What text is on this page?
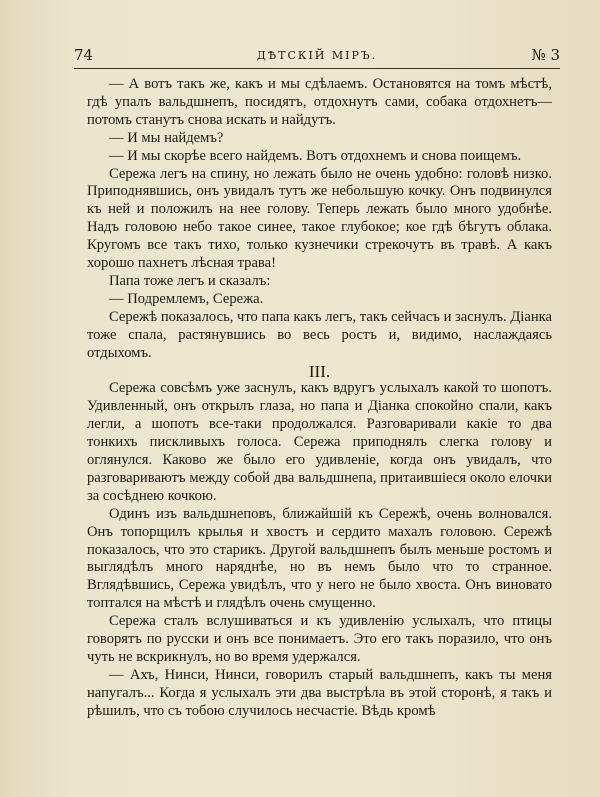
74	ДѢТСКІЙ МІРЪ.	№ 3

— А вотъ такъ же, какъ и мы сдѣлаемъ. Остановятся на томъ мѣстѣ, гдѣ упалъ вальдшнепъ, посидятъ, отдохнутъ сами, собака отдохнетъ—потомъ станутъ снова искать и найдутъ.

— И мы найдемъ?

— И мы скорѣе всего найдемъ. Вотъ отдохнемъ и снова поищемъ.

Сережа легъ на спину, но лежать было не очень удобно: головѣ низко. Приподнявшись, онъ увидалъ тутъ же небольшую кочку. Онъ подвинулся къ ней и положилъ на нее голову. Теперь лежать было много удобнѣе. Надъ головою небо такое синее, такое глубокое; кое гдѣ бѣгутъ облака. Кругомъ все такъ тихо, только кузнечики стрекочутъ въ травѣ. А какъ хорошо пахнетъ лѣсная трава!

Папа тоже легъ и сказалъ:

— Подремлемъ, Сережа.

Сережѣ показалось, что папа какъ легъ, такъ сейчасъ и заснулъ. Діанка тоже спала, растянувшись во весь ростъ и, видимо, наслаждаясь отдыхомъ.

III.

Сережа совсѣмъ уже заснулъ, какъ вдругъ услыхалъ какой то шопотъ. Удивленный, онъ открылъ глаза, но папа и Діанка спокойно спали, какъ легли, а шопотъ все-таки продолжался. Разговаривали какіе то два тонкихъ пискливыхъ голоса. Сережа приподнялъ слегка голову и оглянулся. Каково же было его удивленіе, когда онъ увидалъ, что разговариваютъ между собой два вальдшнепа, притаившіеся около елочки за сосѣднею кочкою.

Одинъ изъ вальдшнеповъ, ближайшій къ Сережѣ, очень волновался. Онъ топорщилъ крылья и хвостъ и сердито махалъ головою. Сережѣ показалось, что это старикъ. Другой вальдшнепъ былъ меньше ростомъ и выглядѣлъ много наряднѣе, но въ немъ было что то странное. Вглядѣвшись, Сережа увидѣлъ, что у него не было хвоста. Онъ виновато топтался на мѣстѣ и глядѣлъ очень смущенно.

Сережа сталъ вслушиваться и къ удивленію услыхалъ, что птицы говорятъ по русски и онъ все понимаетъ. Это его такъ поразило, что онъ чуть не вскрикнулъ, но во время удержался.

— Ахъ, Нинси, Нинси, говорилъ старый вальдшнепъ, какъ ты меня напугалъ... Когда я услыхалъ эти два выстрѣла въ этой сторонѣ, я такъ и рѣшилъ, что съ тобою случилось несчастіе. Вѣдь кромѣ
